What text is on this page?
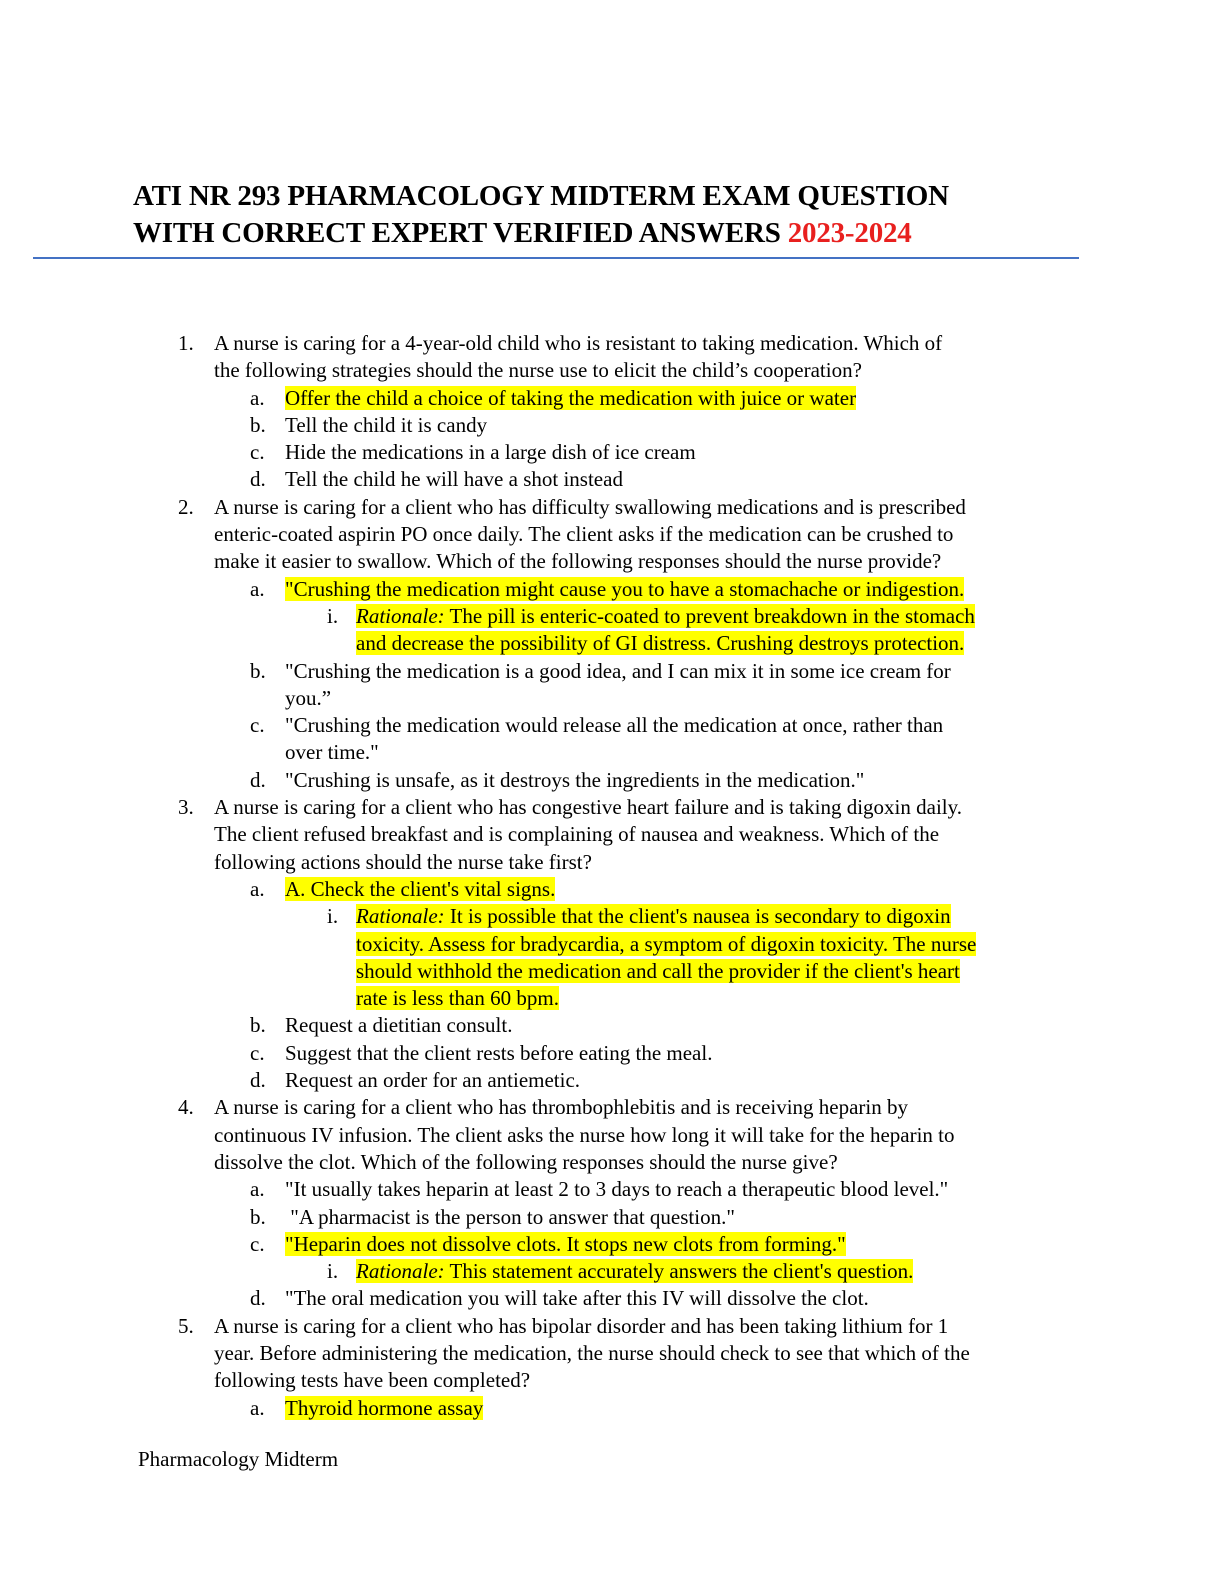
ATI NR 293 PHARMACOLOGY MIDTERM EXAM QUESTION
WITH CORRECT EXPERT VERIFIED ANSWERS 2023-2024
1. A nurse is caring for a 4-year-old child who is resistant to taking medication. Which of
the following strategies should the nurse use to elicit the child’s cooperation?
a. Offer the child a choice of taking the medication with juice or water
b. Tell the child it is candy
c. Hide the medications in a large dish of ice cream
d. Tell the child he will have a shot instead
2. A nurse is caring for a client who has difficulty swallowing medications and is prescribed
enteric-coated aspirin PO once daily. The client asks if the medication can be crushed to
make it easier to swallow. Which of the following responses should the nurse provide?
a. "Crushing the medication might cause you to have a stomachache or indigestion.
i. Rationale: The pill is enteric-coated to prevent breakdown in the stomach
and decrease the possibility of GI distress. Crushing destroys protection.
b. "Crushing the medication is a good idea, and I can mix it in some ice cream for
you.”
c. "Crushing the medication would release all the medication at once, rather than
over time."
d. "Crushing is unsafe, as it destroys the ingredients in the medication."
3. A nurse is caring for a client who has congestive heart failure and is taking digoxin daily.
The client refused breakfast and is complaining of nausea and weakness. Which of the
following actions should the nurse take first?
a. A. Check the client's vital signs.
i. Rationale: It is possible that the client's nausea is secondary to digoxin
toxicity. Assess for bradycardia, a symptom of digoxin toxicity. The nurse
should withhold the medication and call the provider if the client's heart
rate is less than 60 bpm.
b. Request a dietitian consult.
c. Suggest that the client rests before eating the meal.
d. Request an order for an antiemetic.
4. A nurse is caring for a client who has thrombophlebitis and is receiving heparin by
continuous IV infusion. The client asks the nurse how long it will take for the heparin to
dissolve the clot. Which of the following responses should the nurse give?
a. "It usually takes heparin at least 2 to 3 days to reach a therapeutic blood level."
b. "A pharmacist is the person to answer that question."
c. "Heparin does not dissolve clots. It stops new clots from forming."
i. Rationale: This statement accurately answers the client's question.
d. "The oral medication you will take after this IV will dissolve the clot.
5. A nurse is caring for a client who has bipolar disorder and has been taking lithium for 1
year. Before administering the medication, the nurse should check to see that which of the
following tests have been completed?
a. Thyroid hormone assay

Pharmacology Midterm
